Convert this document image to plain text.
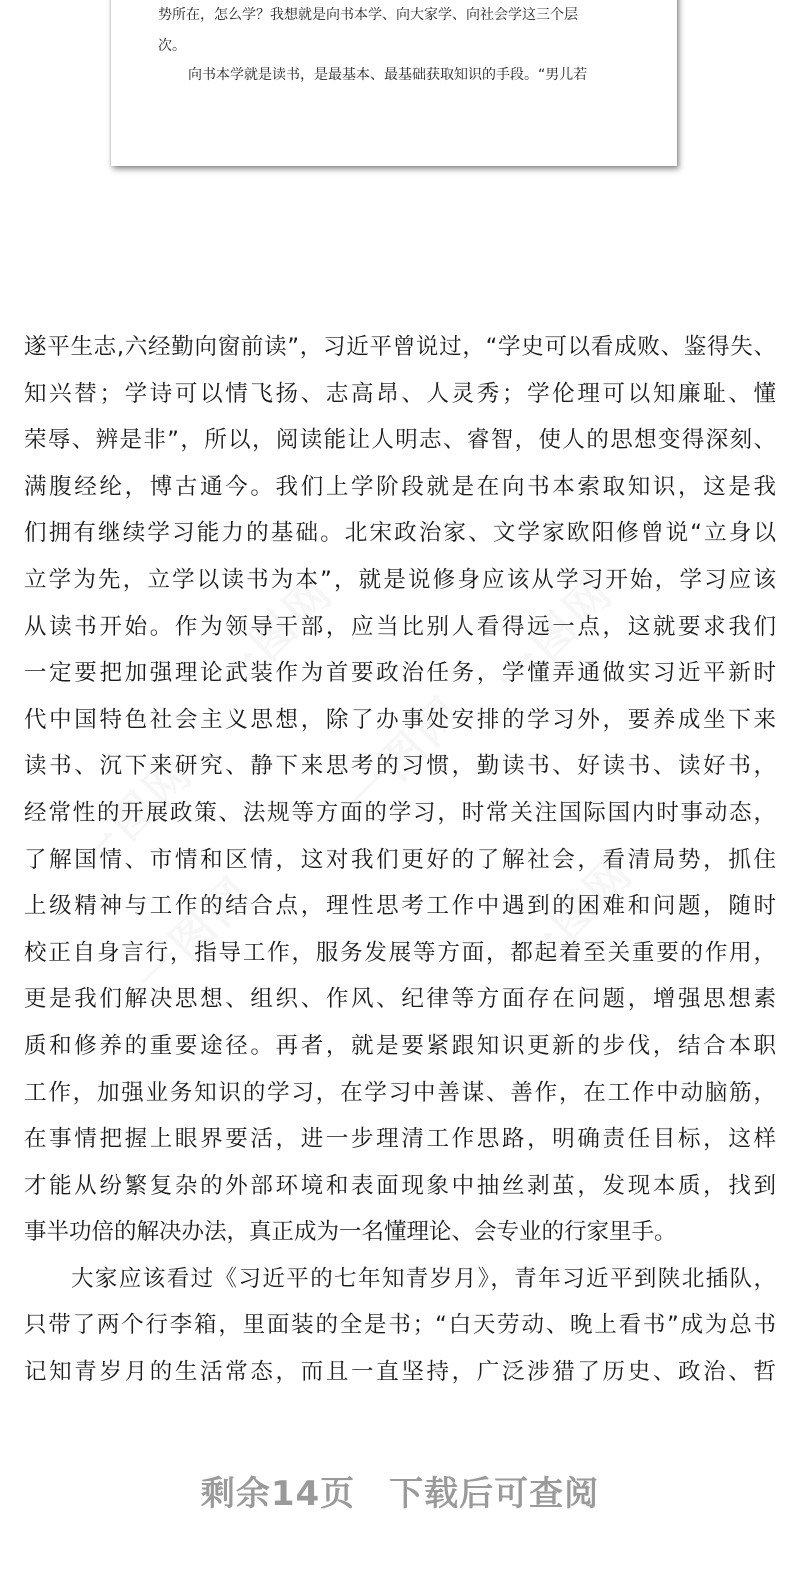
势所在，怎么学？我想就是向书本学、向大家学、向社会学这三个层
次。
向书本学就是读书，是最基本、最基础获取知识的手段。“男儿若
遂平生志,六经勤向窗前读”，习近平曾说过，“学史可以看成败、鉴得失、
知兴替；学诗可以情飞扬、志高昂、人灵秀；学伦理可以知廉耻、懂
荣辱、辨是非”，所以，阅读能让人明志、睿智，使人的思想变得深刻、
满腹经纶，博古通今。我们上学阶段就是在向书本索取知识，这是我
们拥有继续学习能力的基础。北宋政治家、文学家欧阳修曾说“立身以
立学为先，立学以读书为本”，就是说修身应该从学习开始，学习应该
从读书开始。作为领导干部，应当比别人看得远一点，这就要求我们
一定要把加强理论武装作为首要政治任务，学懂弄通做实习近平新时
代中国特色社会主义思想，除了办事处安排的学习外，要养成坐下来
读书、沉下来研究、静下来思考的习惯，勤读书、好读书、读好书，
经常性的开展政策、法规等方面的学习，时常关注国际国内时事动态，
了解国情、市情和区情，这对我们更好的了解社会，看清局势，抓住
上级精神与工作的结合点，理性思考工作中遇到的困难和问题，随时
校正自身言行，指导工作，服务发展等方面，都起着至关重要的作用，
更是我们解决思想、组织、作风、纪律等方面存在问题，增强思想素
质和修养的重要途径。再者，就是要紧跟知识更新的步伐，结合本职
工作，加强业务知识的学习，在学习中善谋、善作，在工作中动脑筋，
在事情把握上眼界要活，进一步理清工作思路，明确责任目标，这样
才能从纷繁复杂的外部环境和表面现象中抽丝剥茧，发现本质，找到
事半功倍的解决办法，真正成为一名懂理论、会专业的行家里手。
大家应该看过《习近平的七年知青岁月》，青年习近平到陕北插队，
只带了两个行李箱，里面装的全是书；“白天劳动、晚上看书”成为总书
记知青岁月的生活常态，而且一直坚持，广泛涉猎了历史、政治、哲
剩余14页 下载后可查阅
